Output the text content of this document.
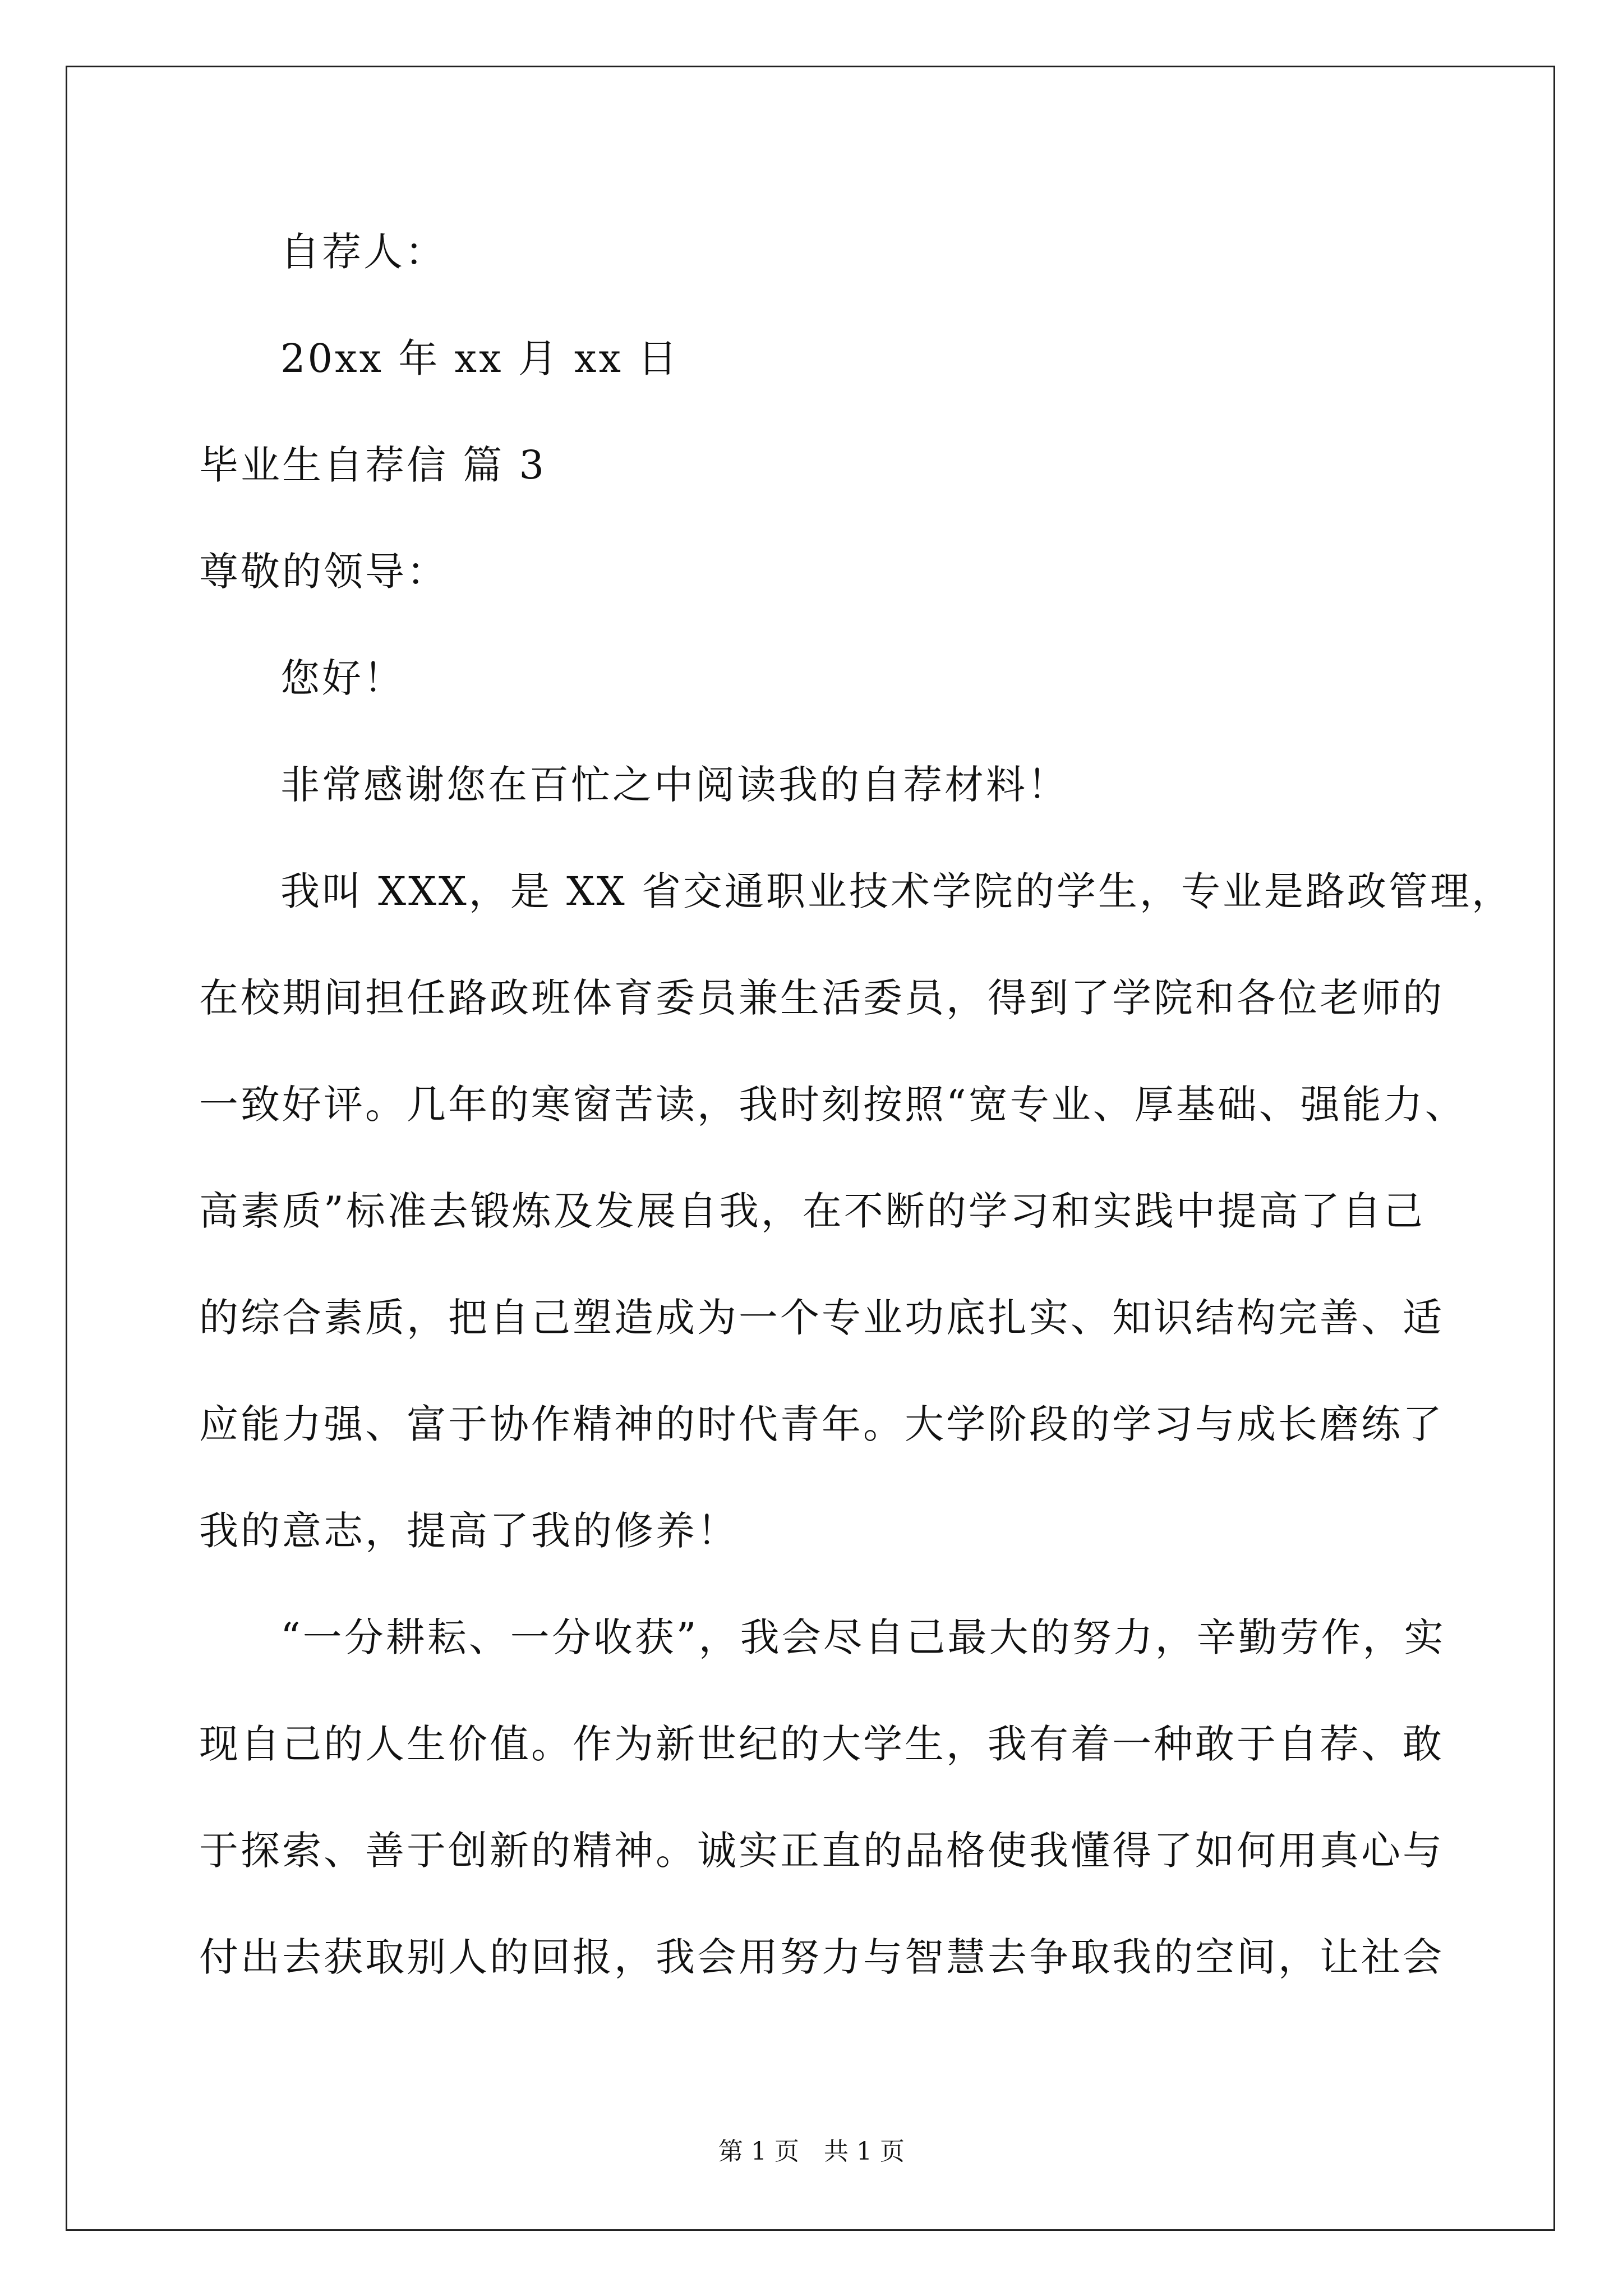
自荐人：
20xx 年 xx 月 xx 日
毕业生自荐信 篇 3
尊敬的领导：
您好！
非常感谢您在百忙之中阅读我的自荐材料！
我叫 XXX，是 XX 省交通职业技术学院的学生，专业是路政管理，
在校期间担任路政班体育委员兼生活委员，得到了学院和各位老师的
一致好评。几年的寒窗苦读，我时刻按照“宽专业、厚基础、强能力、
高素质”标准去锻炼及发展自我，在不断的学习和实践中提高了自己
的综合素质，把自己塑造成为一个专业功底扎实、知识结构完善、适
应能力强、富于协作精神的时代青年。大学阶段的学习与成长磨练了
我的意志，提高了我的修养！
“一分耕耘、一分收获”，我会尽自己最大的努力，辛勤劳作，实
现自己的人生价值。作为新世纪的大学生，我有着一种敢于自荐、敢
于探索、善于创新的精神。诚实正直的品格使我懂得了如何用真心与
付出去获取别人的回报，我会用努力与智慧去争取我的空间，让社会
第 1 页　共 1 页
